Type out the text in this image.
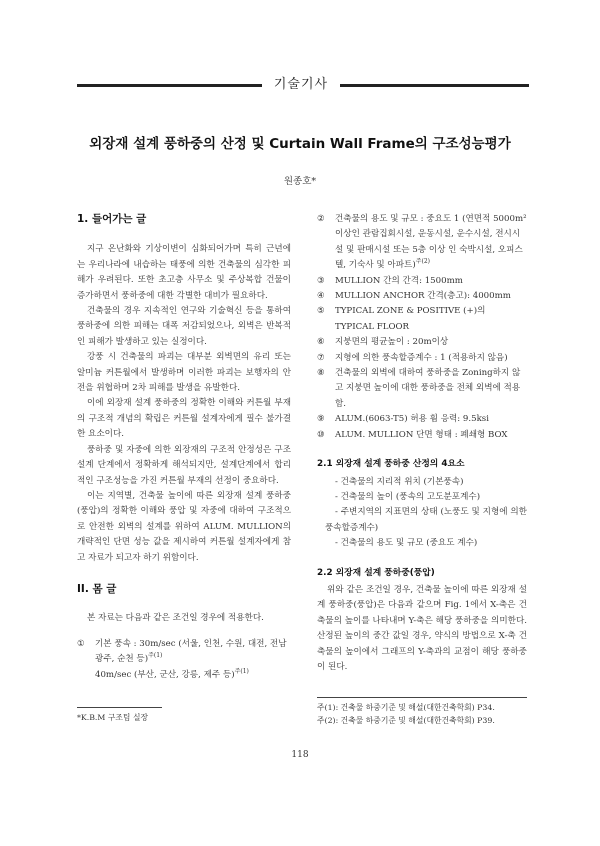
기술기사
외장재 설계 풍하중의 산정 및 Curtain Wall Frame의 구조성능평가
원종호*

1. 들어가는 글

지구 온난화와 기상이변이 심화되어가며 특히 근년에는 우리나라에 내습하는 태풍에 의한 건축물의 심각한 피해가 우려된다. 또한 초고층 사무소 및 주상복합 건물이 증가하면서 풍하중에 대한 각별한 대비가 필요하다.

건축물의 경우 지속적인 연구와 기술혁신 등을 통하여 풍하중에 의한 피해는 대폭 저감되었으나, 외벽은 반복적인 피해가 발생하고 있는 실정이다.

강풍 시 건축물의 파괴는 대부분 외벽면의 유리 또는 알미늄 커튼월에서 발생하며 이러한 파괴는 보행자의 안전을 위협하며 2차 피해를 발생을 유발한다.

이에 외장재 설계 풍하중의 정확한 이해와 커튼월 부재의 구조적 개념의 확립은 커튼월 설계자에게 필수 불가결한 요소이다.

풍하중 및 자중에 의한 외장재의 구조적 안정성은 구조설계 단계에서 정확하게 해석되지만, 설계단계에서 합리적인 구조성능을 가진 커튼월 부재의 선정이 중요하다.

이는 지역별, 건축물 높이에 따른 외장재 설계 풍하중(풍압)의 정확한 이해와 풍압 및 자중에 대하여 구조적으로 안전한 외벽의 설계를 위하여 ALUM. MULLION의 개략적인 단면 성능 값을 제시하여 커튼월 설계자에게 참고 자료가 되고자 하기 위함이다.

II. 몸 글

본 자료는 다음과 같은 조건일 경우에 적용한다.

①	기본 풍속 : 30m/sec (서울, 인천, 수원, 대전, 전남 광주, 순천 등)$^{주(1)}$
40m/sec (부산, 군산, 강릉, 제주 등)$^{주(1)}$
*K.B.M 구조팀 실장
②	건축물의 용도 및 규모 : 중요도 1 (연면적 5000m² 이상인 관람집회시설, 운동시설, 운수시설, 전시시설 및 판매시설 또는 5층 이상 인 숙박시설, 오피스텔, 기숙사 및 아파트)$^{주(2)}$
③	MULLION 간의 간격: 1500mm
④	MULLION ANCHOR 간격(층고): 4000mm
⑤	TYPICAL ZONE & POSITIVE (+)의 TYPICAL FLOOR
⑥	지붕면의 평균높이 : 20m이상
⑦	지형에 의한 풍속할증계수 : 1 (적용하지 않음)
⑧	건축물의 외벽에 대하여 풍하중을 Zoning하지 않고 지붕면 높이에 대한 풍하중을 전체 외벽에 적용함.
⑨	ALUM.(6063-T5) 허용 휨 응력: 9.5ksi
⑩	ALUM. MULLION 단면 형태 : 폐쇄형 BOX

2.1 외장재 설계 풍하중 산정의 4요소

- 건축물의 지리적 위치 (기본풍속)

- 건축물의 높이 (풍속의 고도분포계수)

- 주변지역의 지표면의 상태 (노풍도 및 지형에 의한 풍속할증계수)

- 건축물의 용도 및 규모 (중요도 계수)

2.2 외장재 설계 풍하중(풍압)

위와 같은 조건일 경우, 건축물 높이에 따른 외장재 설계 풍하중(풍압)은 다음과 같으며 Fig. 1에서 X-축은 건축물의 높이를 나타내며 Y-축은 해당 풍하중을 의미한다. 산정된 높이의 중간 값일 경우, 약식의 방법으로 X-축 건축물의 높이에서 그래프의 Y-축과의 교점이 해당 풍하중이 된다.

주(1): 건축물 하중기준 및 해설(대한건축학회) P34.
주(2): 건축물 하중기준 및 해설(대한건축학회) P39.
118
